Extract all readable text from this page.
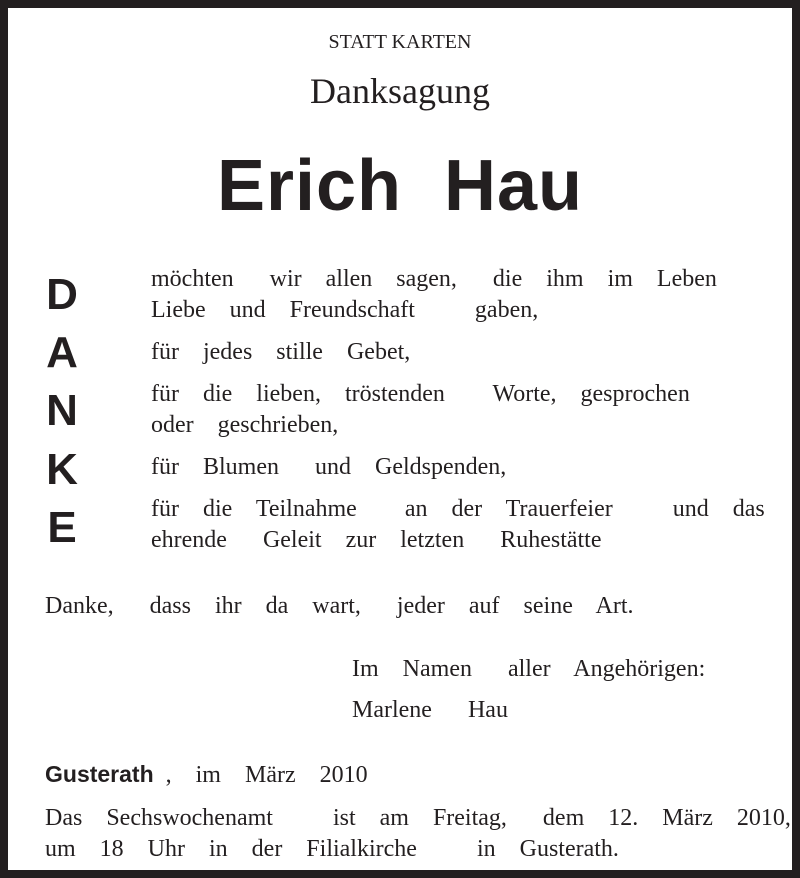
STATT KARTEN
Danksagung
Erich  Hau
D
A
N
K
E
möchten   wir  allen  sagen,   die  ihm  im  Leben
Liebe  und  Freundschaft     gaben,
für  jedes  stille  Gebet,
für  die  lieben,  tröstenden    Worte,  gesprochen
oder  geschrieben,
für  Blumen   und  Geldspenden,
für  die  Teilnahme    an  der  Trauerfeier     und  das
ehrende   Geleit  zur  letzten   Ruhestätte
Danke,   dass  ihr  da  wart,   jeder  auf  seine  Art.
Im  Namen   aller  Angehörigen:
Marlene   Hau
Gusterath ,  im  März  2010
Das  Sechswochenamt     ist  am  Freitag,   dem  12.  März  2010,
um  18  Uhr  in  der  Filialkirche     in  Gusterath.
